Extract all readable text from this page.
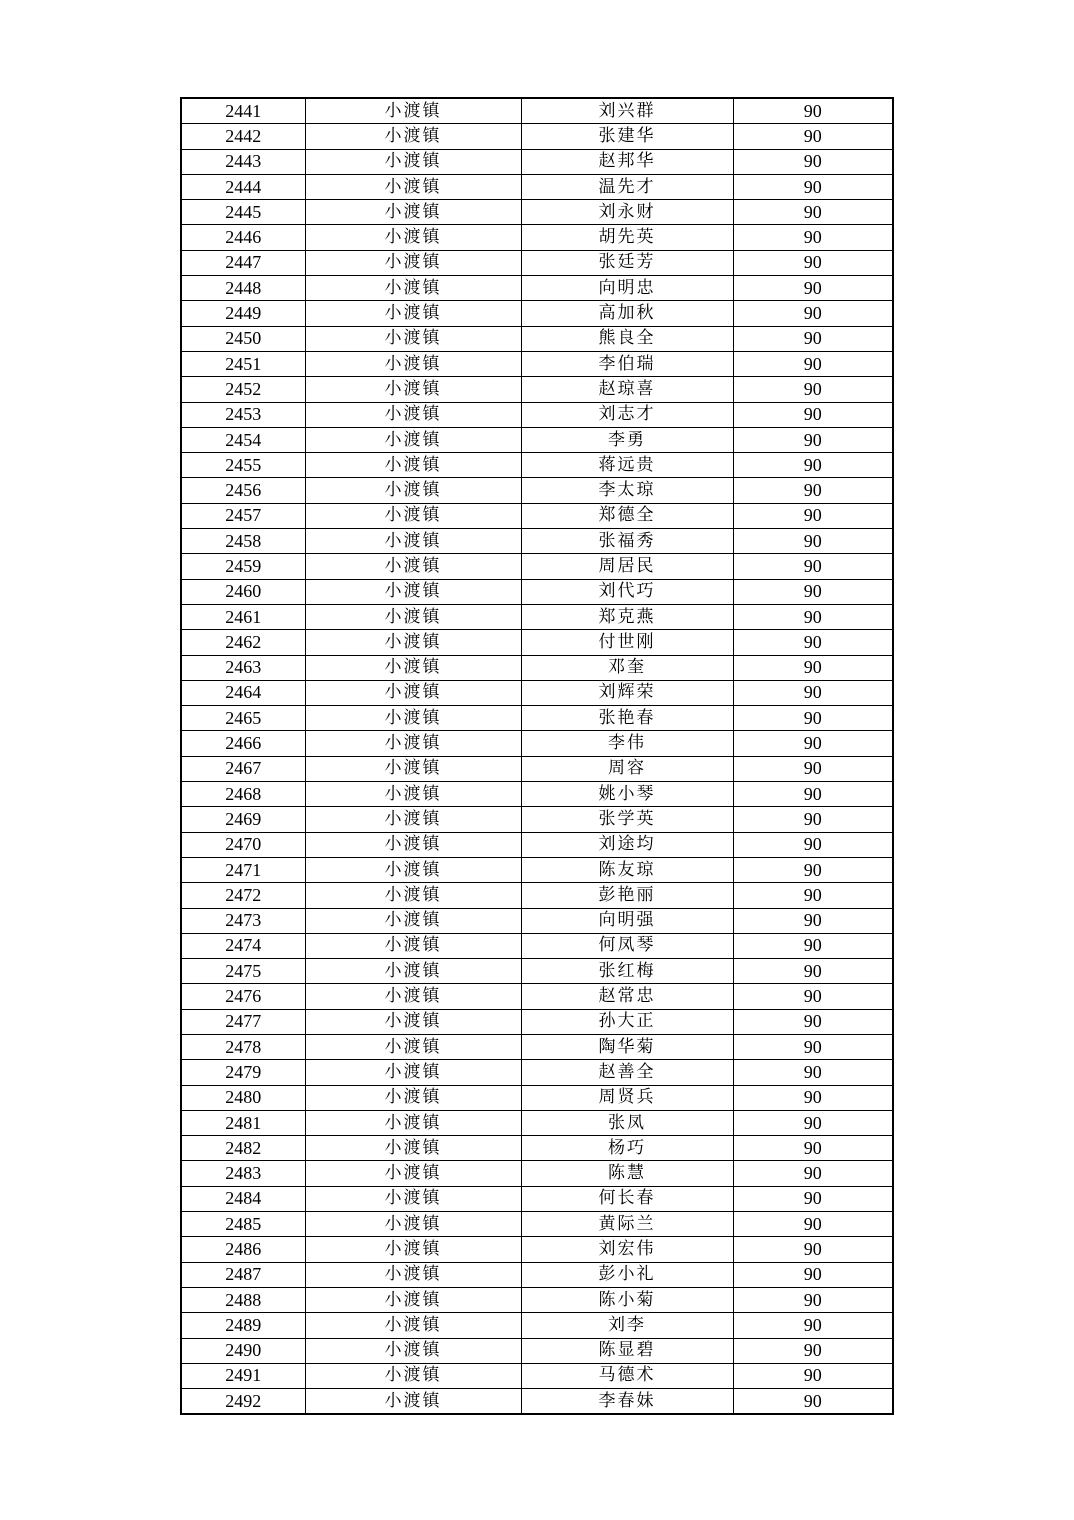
2441	小渡镇	刘兴群	90
2442	小渡镇	张建华	90
2443	小渡镇	赵邦华	90
2444	小渡镇	温先才	90
2445	小渡镇	刘永财	90
2446	小渡镇	胡先英	90
2447	小渡镇	张廷芳	90
2448	小渡镇	向明忠	90
2449	小渡镇	高加秋	90
2450	小渡镇	熊良全	90
2451	小渡镇	李伯瑞	90
2452	小渡镇	赵琼喜	90
2453	小渡镇	刘志才	90
2454	小渡镇	李勇	90
2455	小渡镇	蒋远贵	90
2456	小渡镇	李太琼	90
2457	小渡镇	郑德全	90
2458	小渡镇	张福秀	90
2459	小渡镇	周居民	90
2460	小渡镇	刘代巧	90
2461	小渡镇	郑克燕	90
2462	小渡镇	付世刚	90
2463	小渡镇	邓奎	90
2464	小渡镇	刘辉荣	90
2465	小渡镇	张艳春	90
2466	小渡镇	李伟	90
2467	小渡镇	周容	90
2468	小渡镇	姚小琴	90
2469	小渡镇	张学英	90
2470	小渡镇	刘途均	90
2471	小渡镇	陈友琼	90
2472	小渡镇	彭艳丽	90
2473	小渡镇	向明强	90
2474	小渡镇	何凤琴	90
2475	小渡镇	张红梅	90
2476	小渡镇	赵常忠	90
2477	小渡镇	孙大正	90
2478	小渡镇	陶华菊	90
2479	小渡镇	赵善全	90
2480	小渡镇	周贤兵	90
2481	小渡镇	张凤	90
2482	小渡镇	杨巧	90
2483	小渡镇	陈慧	90
2484	小渡镇	何长春	90
2485	小渡镇	黄际兰	90
2486	小渡镇	刘宏伟	90
2487	小渡镇	彭小礼	90
2488	小渡镇	陈小菊	90
2489	小渡镇	刘李	90
2490	小渡镇	陈显碧	90
2491	小渡镇	马德术	90
2492	小渡镇	李春妹	90
